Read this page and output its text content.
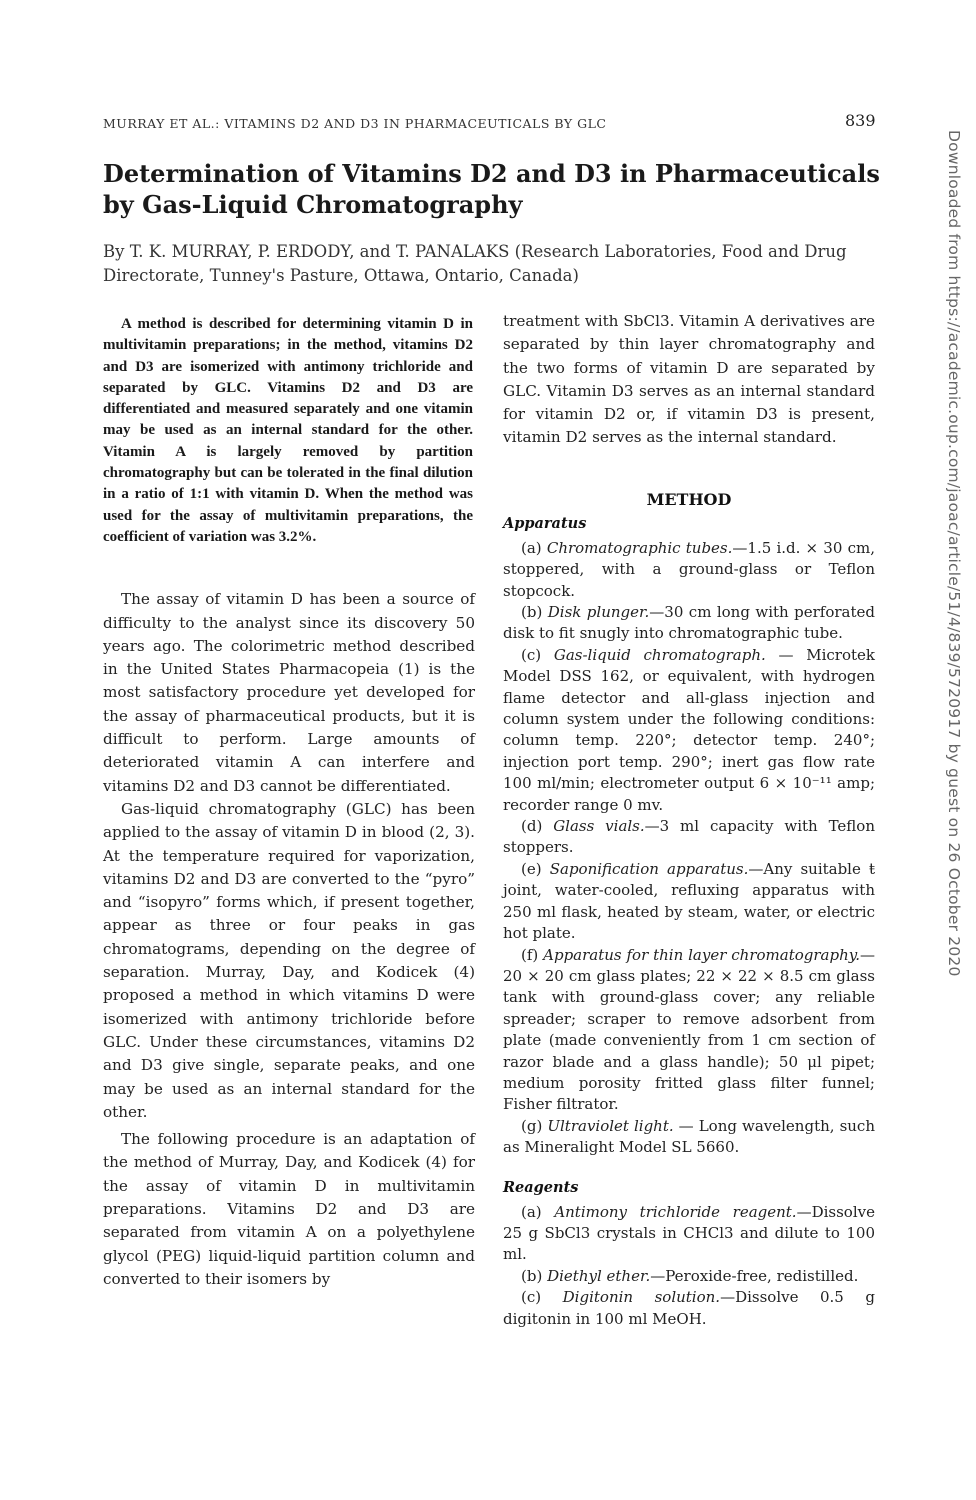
MURRAY ET AL.: VITAMINS D2 AND D3 IN PHARMACEUTICALS BY GLC	839
Determination of Vitamins D2 and D3 in Pharmaceuticals by Gas-Liquid Chromatography
By T. K. MURRAY, P. ERDODY, and T. PANALAKS (Research Laboratories, Food and Drug Directorate, Tunney's Pasture, Ottawa, Ontario, Canada)

A method is described for determining vitamin D in multivitamin preparations; in the method, vitamins D2 and D3 are isomerized with antimony trichloride and separated by GLC. Vitamins D2 and D3 are differentiated and measured separately and one vitamin may be used as an internal standard for the other. Vitamin A is largely removed by partition chromatography but can be tolerated in the final dilution in a ratio of 1:1 with vitamin D. When the method was used for the assay of multivitamin preparations, the coefficient of variation was 3.2%.

The assay of vitamin D has been a source of difficulty to the analyst since its discovery 50 years ago. The colorimetric method described in the United States Pharmacopeia (1) is the most satisfactory procedure yet developed for the assay of pharmaceutical products, but it is difficult to perform. Large amounts of deteriorated vitamin A can interfere and vitamins D2 and D3 cannot be differentiated.

Gas-liquid chromatography (GLC) has been applied to the assay of vitamin D in blood (2, 3). At the temperature required for vaporization, vitamins D2 and D3 are converted to the “pyro” and “isopyro” forms which, if present together, appear as three or four peaks in gas chromatograms, depending on the degree of separation. Murray, Day, and Kodicek (4) proposed a method in which vitamins D were isomerized with antimony trichloride before GLC. Under these circumstances, vitamins D2 and D3 give single, separate peaks, and one may be used as an internal standard for the other.

The following procedure is an adaptation of the method of Murray, Day, and Kodicek (4) for the assay of vitamin D in multivitamin preparations. Vitamins D2 and D3 are separated from vitamin A on a polyethylene glycol (PEG) liquid-liquid partition column and converted to their isomers by

treatment with SbCl3. Vitamin A derivatives are separated by thin layer chromatography and the two forms of vitamin D are separated by GLC. Vitamin D3 serves as an internal standard for vitamin D2 or, if vitamin D3 is present, vitamin D2 serves as the internal standard.

METHOD

Apparatus

(a) Chromatographic tubes.—1.5 i.d. × 30 cm, stoppered, with a ground-glass or Teflon stopcock.

(b) Disk plunger.—30 cm long with perforated disk to fit snugly into chromatographic tube.

(c) Gas-liquid chromatograph. — Microtek Model DSS 162, or equivalent, with hydrogen flame detector and all-glass injection and column system under the following conditions: column temp. 220°; detector temp. 240°; injection port temp. 290°; inert gas flow rate 100 ml/min; electrometer output 6 × 10⁻¹¹ amp; recorder range 0 mv.

(d) Glass vials.—3 ml capacity with Teflon stoppers.

(e) Saponification apparatus.—Any suitable ŧ joint, water-cooled, refluxing apparatus with 250 ml flask, heated by steam, water, or electric hot plate.

(f) Apparatus for thin layer chromatography.—20 × 20 cm glass plates; 22 × 22 × 8.5 cm glass tank with ground-glass cover; any reliable spreader; scraper to remove adsorbent from plate (made conveniently from 1 cm section of razor blade and a glass handle); 50 μl pipet; medium porosity fritted glass filter funnel; Fisher filtrator.

(g) Ultraviolet light. — Long wavelength, such as Mineralight Model SL 5660.

Reagents

(a) Antimony trichloride reagent.—Dissolve 25 g SbCl3 crystals in CHCl3 and dilute to 100 ml.

(b) Diethyl ether.—Peroxide-free, redistilled.

(c) Digitonin solution.—Dissolve 0.5 g digitonin in 100 ml MeOH.

Downloaded from https://academic.oup.com/jaoac/article/51/4/839/5720917 by guest on 26 October 2020
